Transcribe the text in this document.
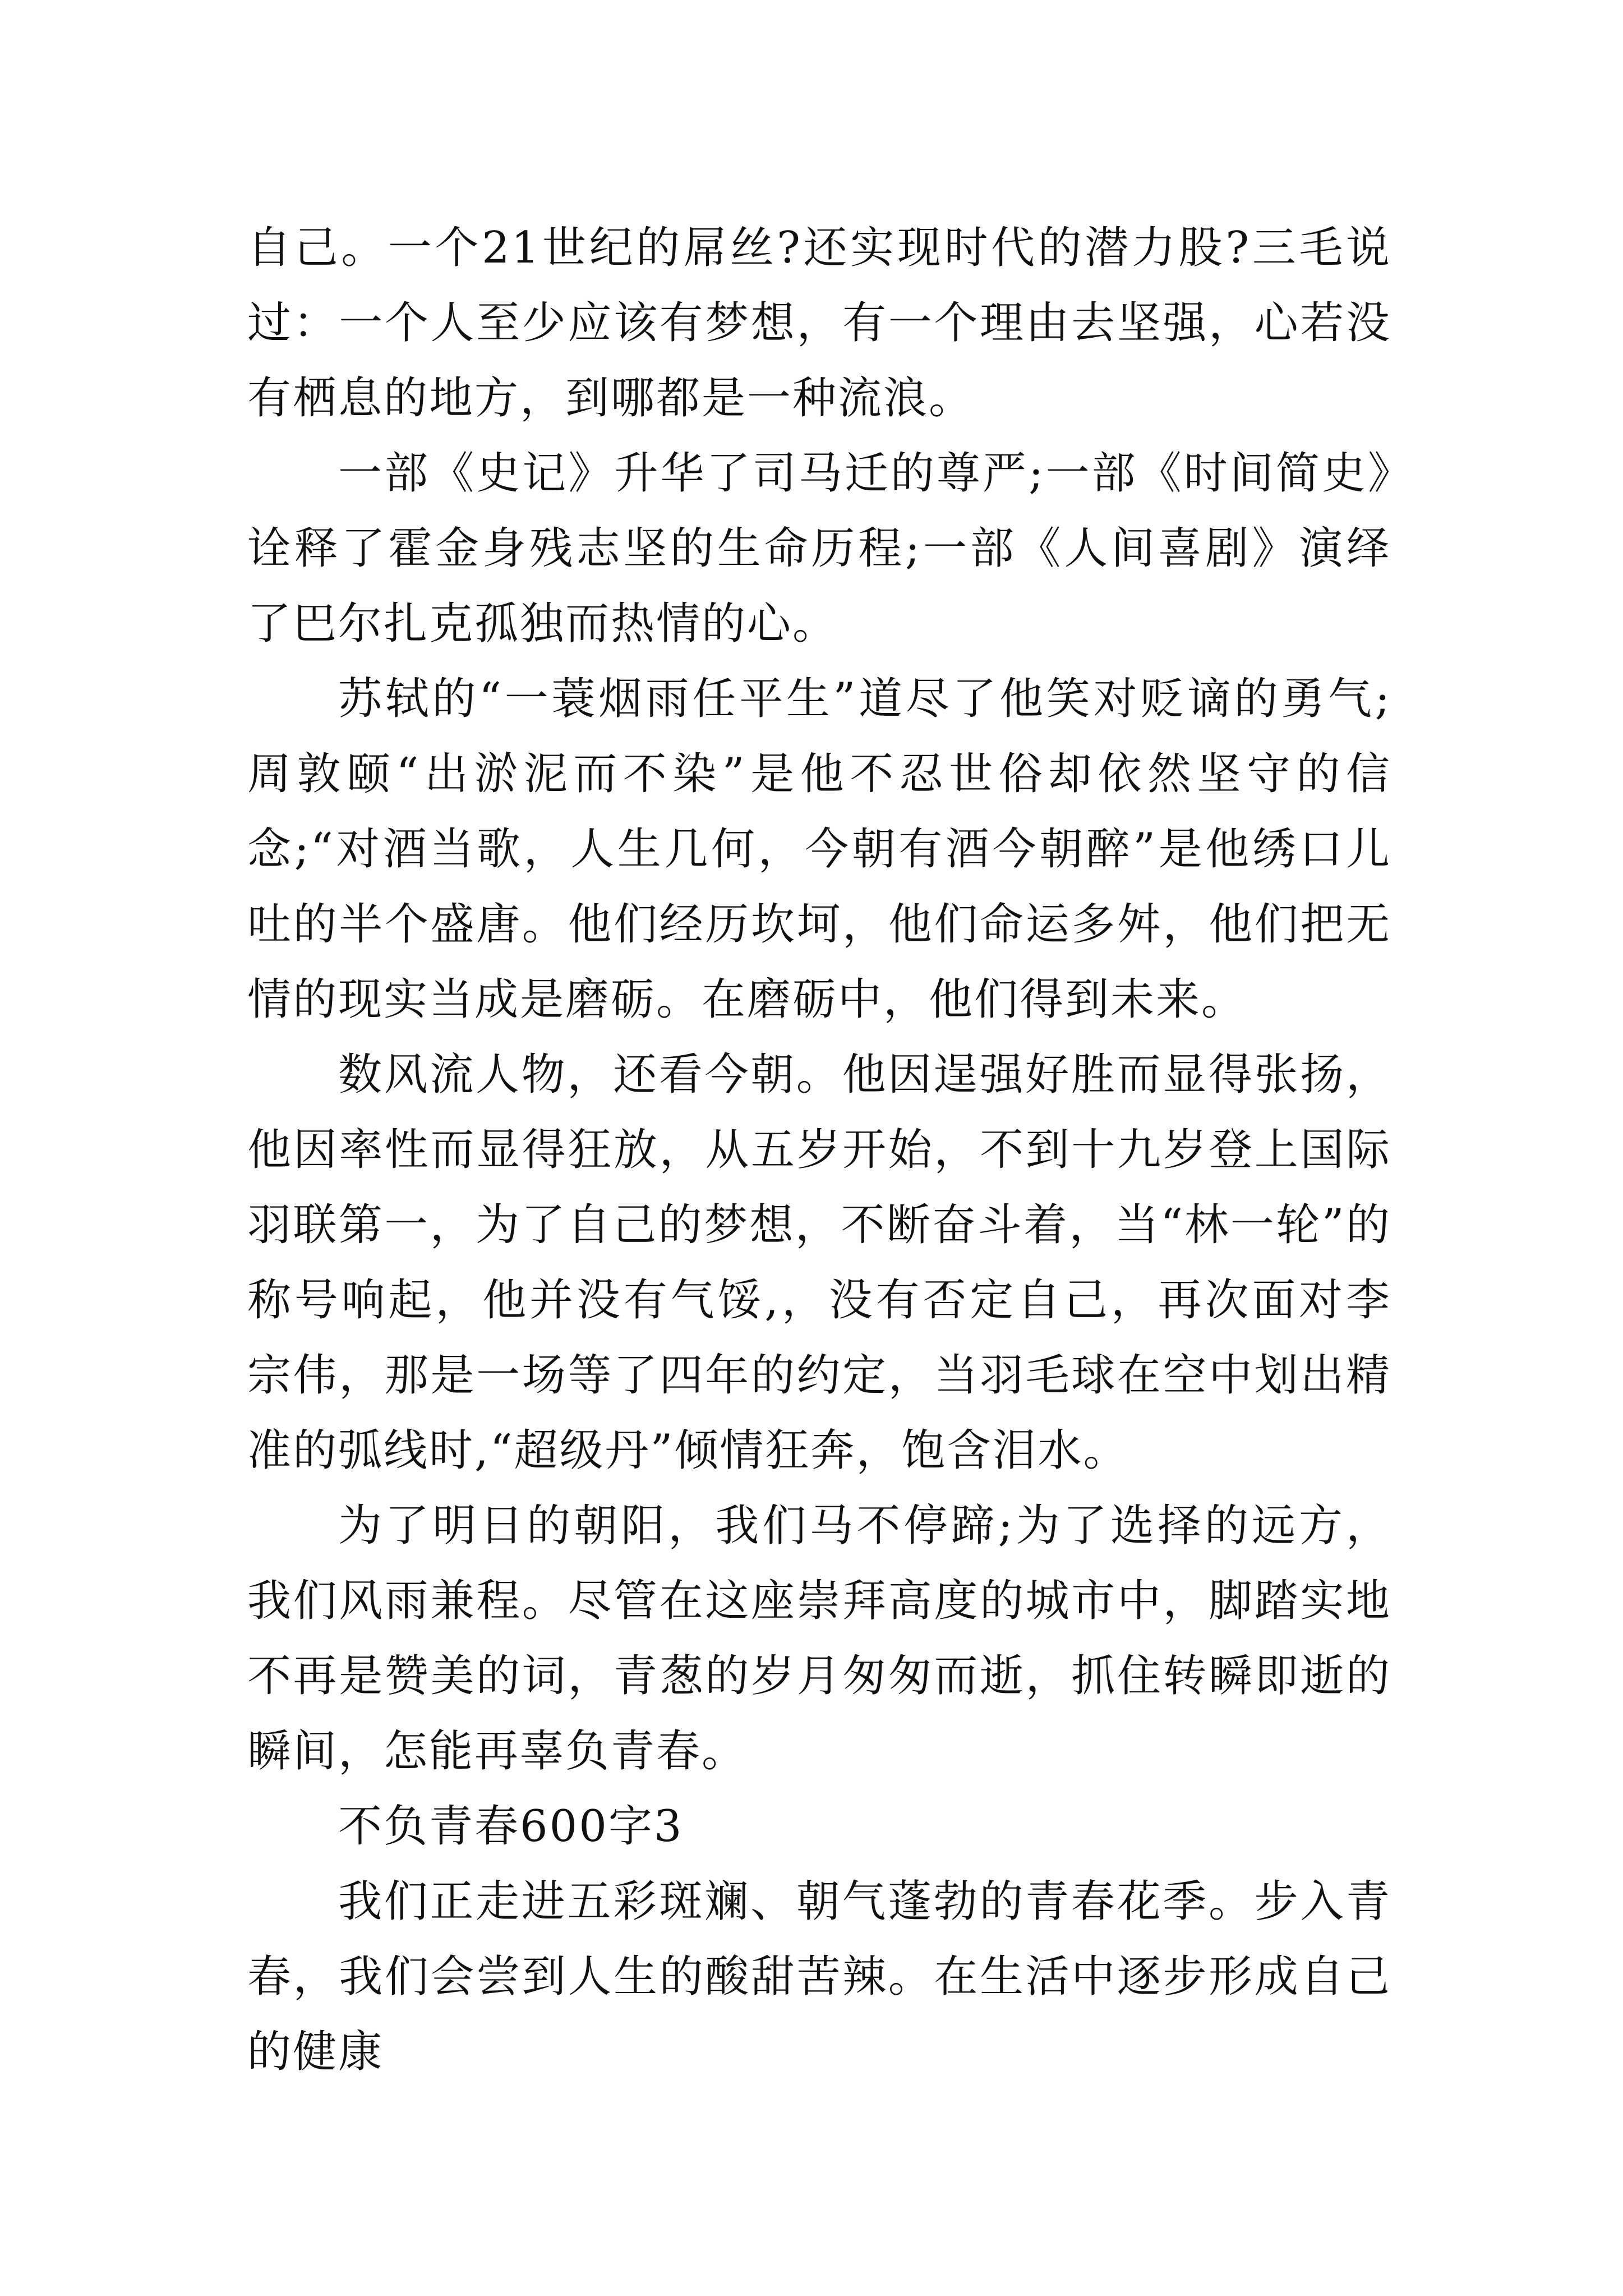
自己。一个21世纪的屌丝?还实现时代的潜力股?三毛说过：一个人至少应该有梦想，有一个理由去坚强，心若没有栖息的地方，到哪都是一种流浪。

一部《史记》升华了司马迁的尊严;一部《时间简史》诠释了霍金身残志坚的生命历程;一部《人间喜剧》演绎了巴尔扎克孤独而热情的心。

苏轼的“一蓑烟雨任平生”道尽了他笑对贬谪的勇气;周敦颐“出淤泥而不染”是他不忍世俗却依然坚守的信念;“对酒当歌，人生几何，今朝有酒今朝醉”是他绣口儿吐的半个盛唐。他们经历坎坷，他们命运多舛，他们把无情的现实当成是磨砺。在磨砺中，他们得到未来。

数风流人物，还看今朝。他因逞强好胜而显得张扬，他因率性而显得狂放，从五岁开始，不到十九岁登上国际羽联第一，为了自己的梦想，不断奋斗着，当“林一轮”的称号响起，他并没有气馁,，没有否定自己，再次面对李宗伟，那是一场等了四年的约定，当羽毛球在空中划出精准的弧线时,“超级丹”倾情狂奔，饱含泪水。

为了明日的朝阳，我们马不停蹄;为了选择的远方，我们风雨兼程。尽管在这座崇拜高度的城市中，脚踏实地不再是赞美的词，青葱的岁月匆匆而逝，抓住转瞬即逝的瞬间，怎能再辜负青春。

不负青春600字3

我们正走进五彩斑斓、朝气蓬勃的青春花季。步入青春，我们会尝到人生的酸甜苦辣。在生活中逐步形成自己的健康
